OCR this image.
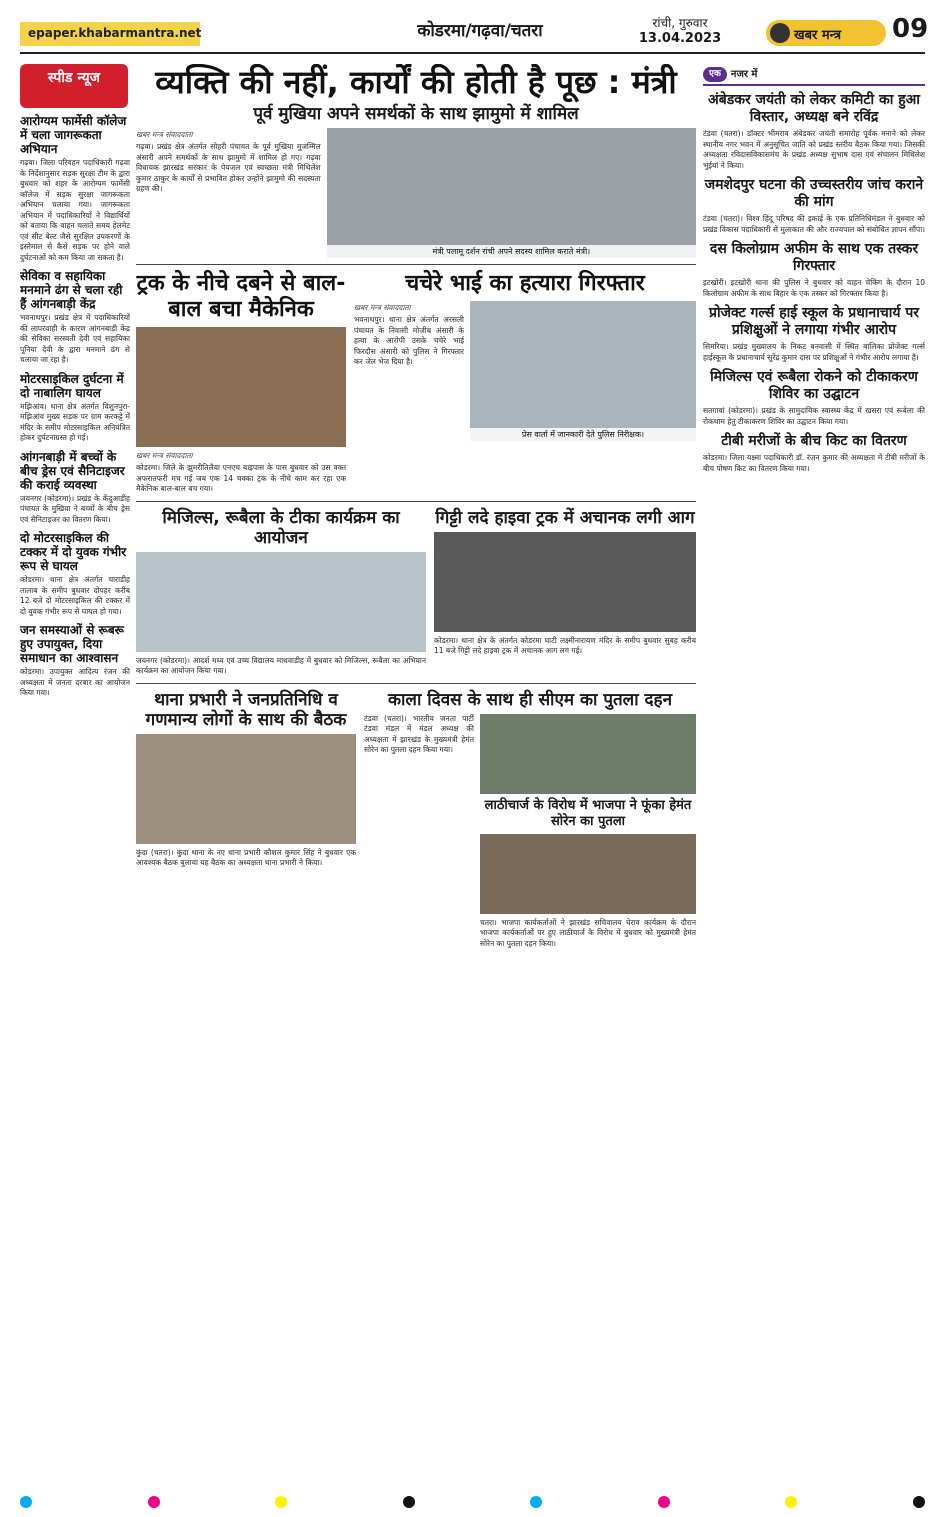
epaper.khabarmantra.net	कोडरमा/गढ़वा/चतरा	रांची, गुरुवार
13.04.2023	खबर मन्त्र	09
स्पीड न्यूज
आरोग्यम फार्मेसी कॉलेज में चला जागरूकता अभियान
गढ़वा। जिला परिवहन पदाधिकारी गढ़वा के निर्देशानुसार सड़क सुरक्षा टीम के द्वारा बुधवार को शहर के आरोग्यम फार्मेसी कॉलेज में सड़क सुरक्षा जागरूकता अभियान चलाया गया। जागरूकता अभियान में पदाधिकारियों ने विद्यार्थियों को बताया कि वाहन चलाते समय हेलमेट एवं सीट बेल्ट जैसे सुरक्षित उपकरणों के इस्तेमाल से कैसे सड़क पर होने वाले दुर्घटनाओं को कम किया जा सकता है।
सेविका व सहायिका मनमाने ढंग से चला रही हैं आंगनबाड़ी केंद्र
भवनाथपुर। प्रखंड क्षेत्र में पदाधिकारियों की लापरवाही के कारण आंगनबाड़ी केंद्र की सेविका सरस्वती देवी एवं सहायिका पूनिया देवी के द्वारा मनमाने ढंग से चलाया जा रहा है।
मोटरसाइकिल दुर्घटना में दो नाबालिग घायल
मझिआंव। थाना क्षेत्र अंतर्गत विशुनपुरा-मझिआंव मुख्य सड़क पर ग्राम करकट्टे में मंदिर के समीप मोटरसाइकिल अनियंत्रित होकर दुर्घटनाग्रस्त हो गई।
आंगनबाड़ी में बच्चों के बीच ड्रेस एवं सैनिटाइजर की कराई व्यवस्था
जयनगर (कोडरमा)। प्रखंड के केंदुआडीह पंचायत के मुखिया ने बच्चों के बीच ड्रेस एवं सैनिटाइजर का वितरण किया।
दो मोटरसाइकिल की टक्कर में दो युवक गंभीर रूप से घायल
कोडरमा। थाना क्षेत्र अंतर्गत चाराडीह तालाब के समीप बुधवार दोपहर करीब 12 बजे दो मोटरसाइकिल की टक्कर में दो युवक गंभीर रूप से घायल हो गया।
जन समस्याओं से रूबरू हुए उपायुक्त, दिया समाधान का आश्वासन
कोडरमा। उपायुक्त आदित्य रंजन की अध्यक्षता में जनता दरबार का आयोजन किया गया।
व्यक्ति की नहीं, कार्यों की होती है पूछ : मंत्री
पूर्व मुखिया अपने समर्थकों के साथ झामुमो में शामिल
खबर मन्त्र संवाददाता
गढ़वा। प्रखंड क्षेत्र अंतर्गत सोहरी पंचायत के पूर्व मुखिया मुजम्मिल अंसारी अपने समर्थकों के साथ झामुमो में शामिल हो गए। गढ़वा विधायक झारखंड सरकार के पेयजल एवं स्वच्छता मंत्री मिथिलेश कुमार ठाकुर के कार्यों से प्रभावित होकर उन्होंने झामुमो की सदस्यता ग्रहण की।
मंत्री पलामू दर्शन रांची अपने सदस्य शामिल कराते मंत्री।
ट्रक के नीचे दबने से बाल-बाल बचा मैकेनिक
खबर मन्त्र संवाददाता
कोडरमा। जिले के झुमरीतिलैया एनएच बाइपास के पास बुधवार को उस वक्त अफरातफरी मच गई जब एक 14 चक्का ट्रक के नीचे काम कर रहा एक मैकेनिक बाल-बाल बच गया।
चचेरे भाई का हत्यारा गिरफ्तार
खबर मन्त्र संवाददाता
भवनाथपुर। थाना क्षेत्र अंतर्गत अरसली पंचायत के निवासी मोजीब अंसारी के हत्या के आरोपी उसके चचेरे भाई फिरदौस अंसारी को पुलिस ने गिरफ्तार कर जेल भेज दिया है।
प्रेस वार्ता में जानकारी देते पुलिस निरीक्षक।
मिजिल्स, रूबैला के टीका कार्यक्रम का आयोजन
जयनगर (कोडरमा)। आदर्श मध्य एवं उच्च विद्यालय माथवाडीह में बुधवार को मिजिल्स, रूबैला का अभियान कार्यक्रम का आयोजन किया गया।
गिट्टी लदे हाइवा ट्रक में अचानक लगी आग
कोडरमा। थाना क्षेत्र के अंतर्गत कोडरमा घाटी लक्ष्मीनारायण मंदिर के समीप बुधवार सुबह करीब 11 बजे गिट्टी लदे हाइवा ट्रक में अचानक आग लग गई।
थाना प्रभारी ने जनप्रतिनिधि व गणमान्य लोगों के साथ की बैठक
कुंदा (चतरा)। कुंदा थाना के नए थाना प्रभारी कौशल कुमार सिंह ने बुधवार एक आवश्यक बैठक बुलाया यह बैठक का अध्यक्षता थाना प्रभारी ने किया।
काला दिवस के साथ ही सीएम का पुतला दहन
टंडवा (चतरा)। भारतीय जनता पार्टी टंडवा मंडल में मंडल अध्यक्ष की अध्यक्षता में झारखंड के मुख्यमंत्री हेमंत सोरेन का पुतला दहन किया गया।
लाठीचार्ज के विरोध में भाजपा ने फूंका हेमंत सोरेन का पुतला
चतरा। भाजपा कार्यकर्ताओं ने झारखंड सचिवालय घेराव कार्यक्रम के दौरान भाजपा कार्यकर्ताओं पर हुए लाठीचार्ज के विरोध में बुधवार को मुख्यमंत्री हेमंत सोरेन का पुतला दहन किया।
एक	नजर में
अंबेडकर जयंती को लेकर कमिटी का हुआ विस्तार, अध्यक्ष बने रविंद्र
टंडवा (चतरा)। डॉक्टर भीमराव अंबेडकर जयंती समारोह पूर्वक मनाने को लेकर स्थानीय नगर भवन में अनुसूचित जाति को प्रखंड स्तरीय बैठक किया गया। जिसकी अध्यक्षता रविदासविकासमंच के प्रखंड अध्यक्ष सुभाष दास एवं संचालन मिथिलेश भुईयां ने किया।
जमशेदपुर घटना की उच्चस्तरीय जांच कराने की मांग
टंडवा (चतरा)। विश्व हिंदू परिषद की इकाई के एक प्रतिनिधिमंडल ने बुधवार को प्रखंड विकास पदाधिकारी से मुलाकात की और राज्यपाल को संबोधित ज्ञापन सौंपा।
दस किलोग्राम अफीम के साथ एक तस्कर गिरफ्तार
इटखोरी। इटखोरी थाना की पुलिस ने बुधवार को वाहन चेकिंग के दौरान 10 किलोग्राम अफीम के साथ बिहार के एक तस्कर को गिरफ्तार किया है।
प्रोजेक्ट गर्ल्स हाई स्कूल के प्रधानाचार्य पर प्रशिक्षुओं ने लगाया गंभीर आरोप
सिमरिया। प्रखंड मुख्यालय के निकट बनवासी में स्थित बालिका प्रोजेक्ट गर्ल्स हाईस्कूल के प्रधानाचार्य सुरेंद्र कुमार दास पर प्रशिक्षुओं ने गंभीर आरोप लगाया है।
मिजिल्स एवं रूबैला रोकने को टीकाकरण शिविर का उद्घाटन
सतगावां (कोडरमा)। प्रखंड के सामुदायिक स्वास्थ्य केंद्र में खसरा एवं रूबेला की रोकथाम हेतु टीकाकरण शिविर का उद्घाटन किया गया।
टीबी मरीजों के बीच किट का वितरण
कोडरमा। जिला यक्ष्मा पदाधिकारी डॉ. रंजन कुमार की अध्यक्षता में टीबी मरीजों के बीच पोषण किट का वितरण किया गया।
